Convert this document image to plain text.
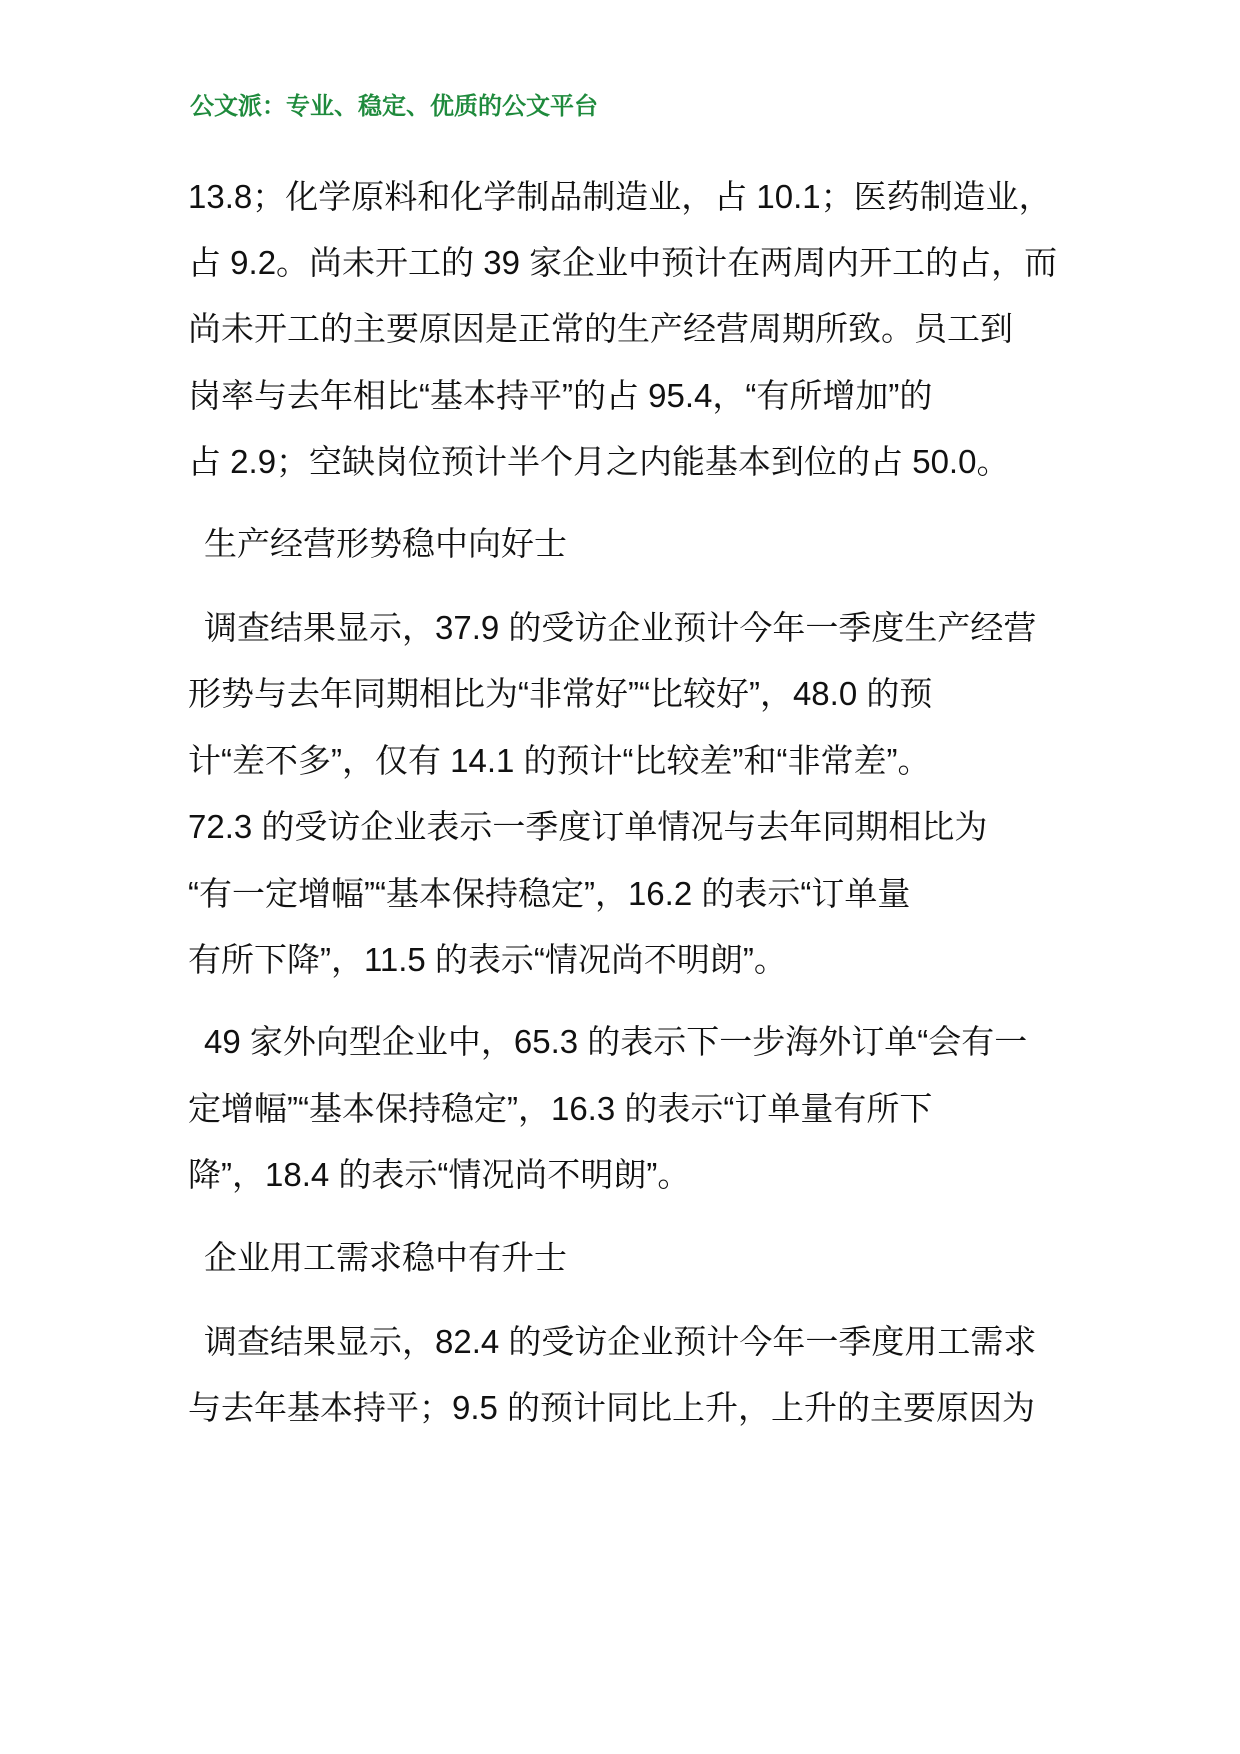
公文派：专业、稳定、优质的公文平台
13.8；化学原料和化学制品制造业，占 10.1；医药制造业，
占 9.2。尚未开工的 39 家企业中预计在两周内开工的占，而
尚未开工的主要原因是正常的生产经营周期所致。员工到
岗率与去年相比“基本持平”的占 95.4，“有所增加”的
占 2.9；空缺岗位预计半个月之内能基本到位的占 50.0。
生产经营形势稳中向好士
调查结果显示，37.9 的受访企业预计今年一季度生产经营
形势与去年同期相比为“非常好”“比较好”，48.0 的预
计“差不多”，仅有 14.1 的预计“比较差”和“非常差”。
72.3 的受访企业表示一季度订单情况与去年同期相比为
“有一定增幅”“基本保持稳定”，16.2 的表示“订单量
有所下降”，11.5 的表示“情况尚不明朗”。
49 家外向型企业中，65.3 的表示下一步海外订单“会有一
定增幅”“基本保持稳定”，16.3 的表示“订单量有所下
降”，18.4 的表示“情况尚不明朗”。
企业用工需求稳中有升士
调查结果显示，82.4 的受访企业预计今年一季度用工需求
与去年基本持平；9.5 的预计同比上升，上升的主要原因为
